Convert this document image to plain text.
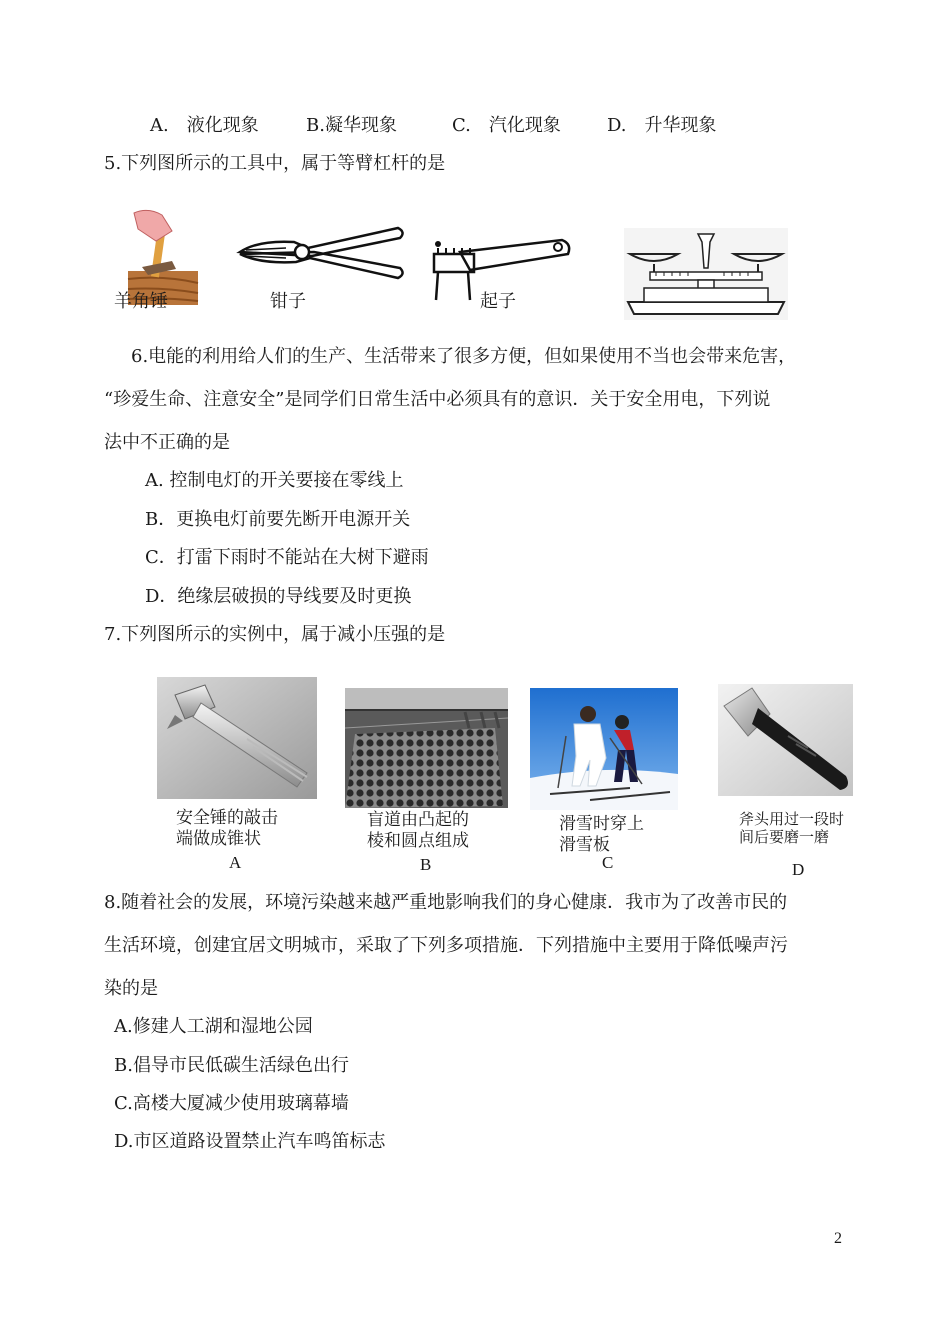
A.　液化现象	B.凝华现象	C.　汽化现象	D.　升华现象
5.下列图所示的工具中，属于等臂杠杆的是
羊角锤	钳子	起子
6.电能的利用给人们的生产、生活带来了很多方便，但如果使用不当也会带来危害，
“珍爱生命、注意安全”是同学们日常生活中必须具有的意识．关于安全用电，下列说
法中不正确的是
A. 控制电灯的开关要接在零线上
B．更换电灯前要先断开电源开关
C．打雷下雨时不能站在大树下避雨
D．绝缘层破损的导线要及时更换
7.下列图所示的实例中，属于减小压强的是
安全锤的敲击
端做成锥状
A
盲道由凸起的
棱和圆点组成
B
滑雪时穿上
滑雪板
C
斧头用过一段时
间后要磨一磨
D
8.随着社会的发展，环境污染越来越严重地影响我们的身心健康．我市为了改善市民的
生活环境，创建宜居文明城市，采取了下列多项措施．下列措施中主要用于降低噪声污
染的是
A.修建人工湖和湿地公园
B.倡导市民低碳生活绿色出行
C.高楼大厦减少使用玻璃幕墙
D.市区道路设置禁止汽车鸣笛标志
2
